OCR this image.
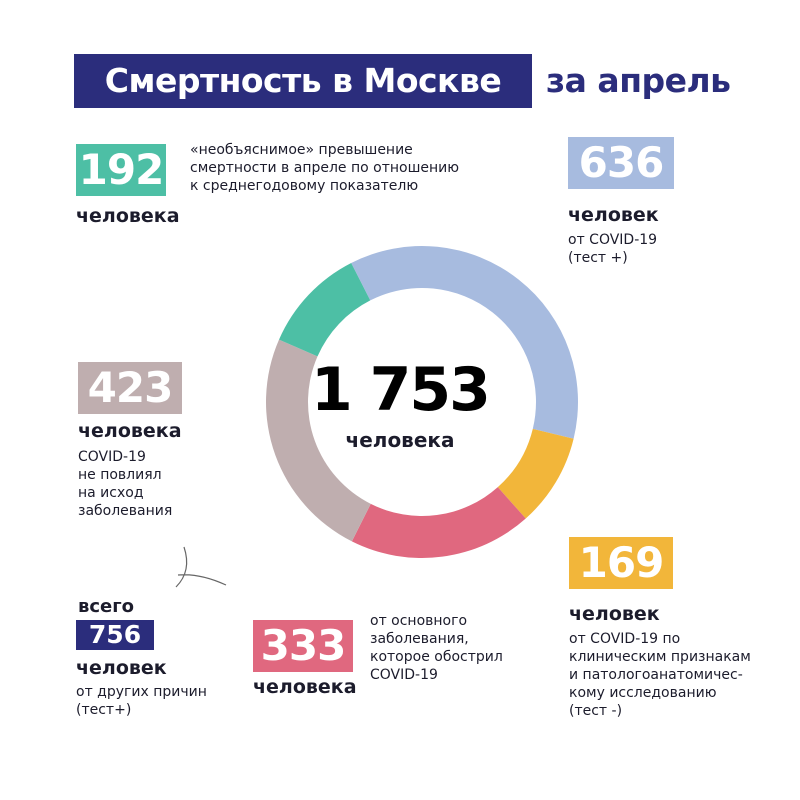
Смертность в Москве	за апрель
1 753
человека
192
человека
«необъяснимое» превышение
смертности в апреле по отношению
к среднегодовому показателю	636
человек
от COVID-19
(тест +)
423
человека
COVID-19
не повлиял
на исход
заболевания
всего
756
человек
от других причин
(тест+)
333
человека
от основного
заболевания,
которое обострил
COVID-19
169
человек
от COVID-19 по
клиническим признакам
и патологоанатомичес-
кому исследованию
(тест -)
